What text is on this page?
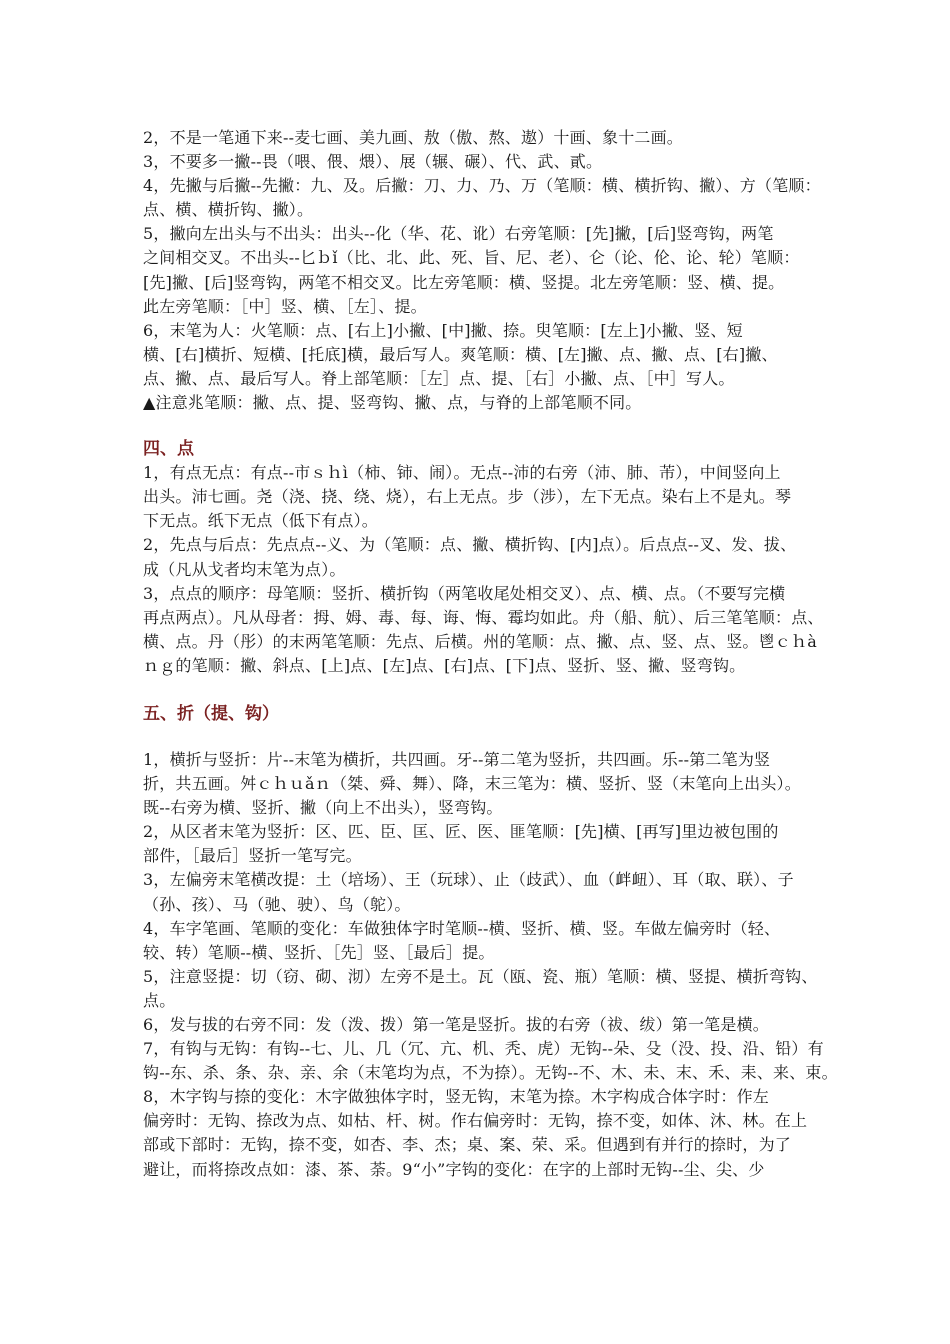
2，不是一笔通下来--麦七画、美九画、敖（傲、熬、遨）十画、象十二画。
3，不要多一撇--畏（喂、偎、煨）、展（辗、碾）、代、武、貳。
4，先撇与后撇--先撇：九、及。后撇：刀、力、乃、万（笔顺：横、横折钩、撇）、方（笔顺：
点、横、横折钩、撇）。
5，撇向左出头与不出头：出头--化（华、花、讹）右旁笔顺：[先]撇，[后]竖弯钩，两笔
之间相交叉。不出头--匕ｂǐ（比、北、此、死、旨、尼、老）、仑（论、伦、论、轮）笔顺：
[先]撇、[后]竖弯钩，两笔不相交叉。比左旁笔顺：横、竖提。北左旁笔顺：竖、横、提。
此左旁笔顺：［中］竖、横、［左］、提。
6，末笔为人：火笔顺：点、[右上]小撇、[中]撇、捺。臾笔顺：[左上]小撇、竖、短
横、[右]横折、短横、[托底]横，最后写人。爽笔顺：横、[左]撇、点、撇、点、[右]撇、
点、撇、点、最后写人。脊上部笔顺：［左］点、提、［右］小撇、点、［中］写人。
▲注意兆笔顺：撇、点、提、竖弯钩、撇、点，与脊的上部笔顺不同。
四、点
1，有点无点：有点--市ｓｈì（柿、铈、闹）。无点--沛的右旁（沛、肺、芾），中间竖向上
出头。沛七画。尧（浇、挠、绕、烧），右上无点。步（涉），左下无点。染右上不是丸。琴
下无点。纸下无点（低下有点）。
2，先点与后点：先点点--义、为（笔顺：点、撇、横折钩、[内]点）。后点点--叉、发、拔、
成（凡从戈者均末笔为点）。
3，点点的顺序：母笔顺：竖折、横折钩（两笔收尾处相交叉）、点、横、点。（不要写完横
再点两点）。凡从母者：拇、姆、毒、每、诲、悔、霉均如此。舟（船、航）、后三笔笔顺：点、
横、点。丹（彤）的末两笔笔顺：先点、后横。州的笔顺：点、撇、点、竖、点、竖。鬯ｃｈà
ｎｇ的笔顺：撇、斜点、[上]点、[左]点、[右]点、[下]点、竖折、竖、撇、竖弯钩。
五、折（提、钩）
1，横折与竖折：片--末笔为横折，共四画。牙--第二笔为竖折，共四画。乐--第二笔为竖
折，共五画。舛ｃｈｕǎｎ（桀、舜、舞）、降，末三笔为：横、竖折、竖（末笔向上出头）。
既--右旁为横、竖折、撇（向上不出头），竖弯钩。
2，从区者末笔为竖折：区、匹、臣、匡、匠、医、匪笔顺：[先]横、[再写]里边被包围的
部件，［最后］竖折一笔写完。
3，左偏旁末笔横改提：土（培场）、王（玩球）、止（歧武）、血（衅衄）、耳（取、联）、子
（孙、孩）、马（驰、驶）、鸟（鸵）。
4，车字笔画、笔顺的变化：车做独体字时笔顺--横、竖折、横、竖。车做左偏旁时（轻、
较、转）笔顺--横、竖折、［先］竖、［最后］提。
5，注意竖提：切（窃、砌、沏）左旁不是土。瓦（瓯、瓷、瓶）笔顺：横、竖提、横折弯钩、
点。
6，发与拔的右旁不同：发（泼、拨）第一笔是竖折。拔的右旁（祓、绂）第一笔是横。
7，有钩与无钩：有钩--七、儿、几（冗、亢、机、秃、虎）无钩--朵、殳（没、投、沿、铅）有
钩--东、杀、条、杂、亲、余（末笔均为点，不为捺）。无钩--不、木、未、末、禾、耒、来、束。
8，木字钩与捺的变化：木字做独体字时，竖无钩，末笔为捺。木字构成合体字时：作左
偏旁时：无钩、捺改为点、如枯、杆、树。作右偏旁时：无钩，捺不变，如体、沐、林。在上
部或下部时：无钩，捺不变，如杏、李、杰；桌、案、荣、采。但遇到有并行的捺时，为了
避让，而将捺改点如：漆、茶、荼。9“小”字钩的变化：在字的上部时无钩--尘、尖、少
